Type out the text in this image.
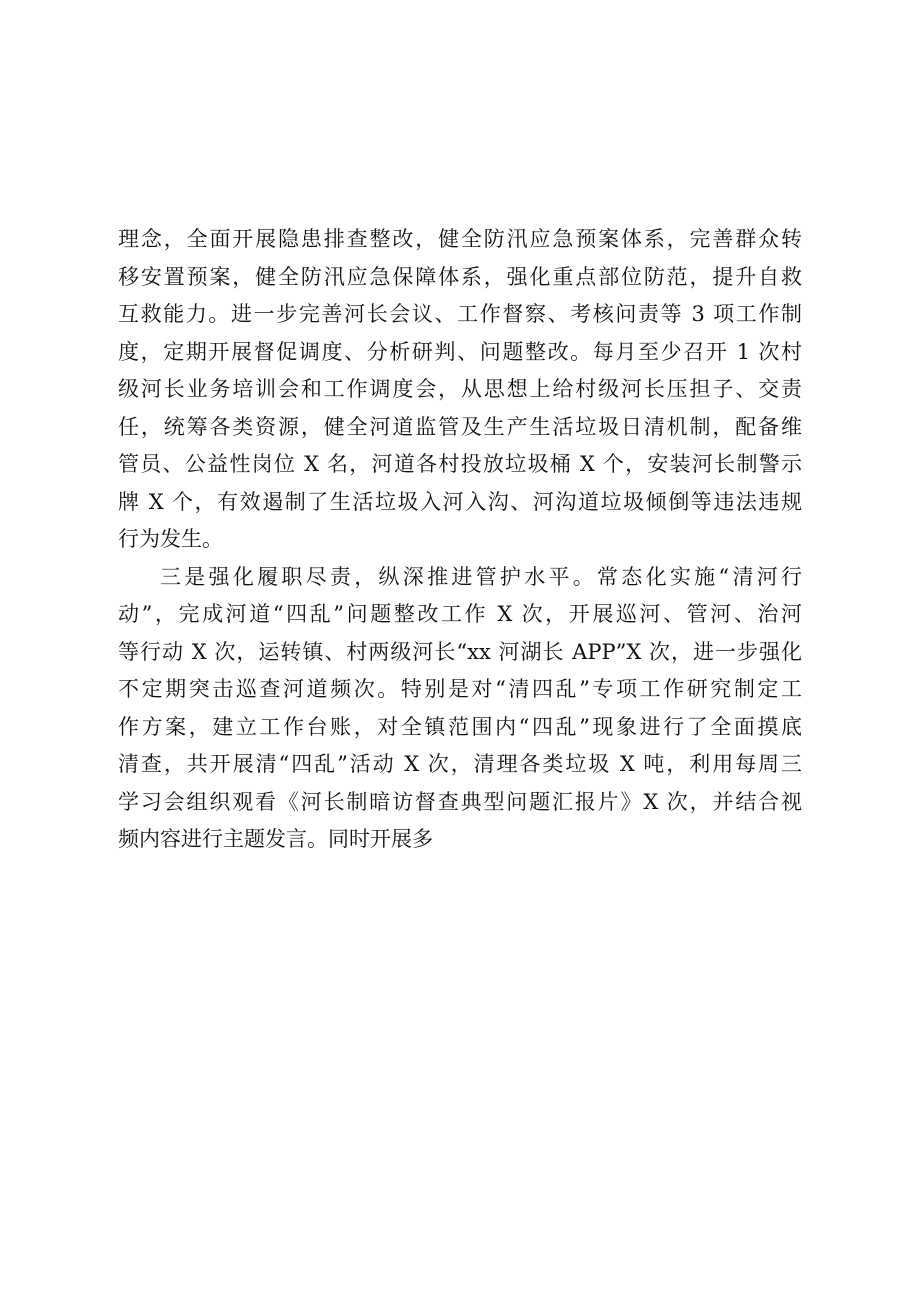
理念，全面开展隐患排查整改，健全防汛应急预案体系，完善群众转
移安置预案，健全防汛应急保障体系，强化重点部位防范，提升自救
互救能力。进一步完善河长会议、工作督察、考核问责等 3 项工作制
度，定期开展督促调度、分析研判、问题整改。每月至少召开 1 次村
级河长业务培训会和工作调度会，从思想上给村级河长压担子、交责
任，统筹各类资源，健全河道监管及生产生活垃圾日清机制，配备维
管员、公益性岗位 X 名，河道各村投放垃圾桶 X 个，安装河长制警示
牌 X 个，有效遏制了生活垃圾入河入沟、河沟道垃圾倾倒等违法违规
行为发生。
三是强化履职尽责，纵深推进管护水平。常态化实施“清河行
动”，完成河道“四乱”问题整改工作 X 次，开展巡河、管河、治河
等行动 X 次，运转镇、村两级河长“xx 河湖长 APP”X 次，进一步强化
不定期突击巡查河道频次。特别是对“清四乱”专项工作研究制定工
作方案，建立工作台账，对全镇范围内“四乱”现象进行了全面摸底
清查，共开展清“四乱”活动 X 次，清理各类垃圾 X 吨，利用每周三
学习会组织观看《河长制暗访督查典型问题汇报片》X 次，并结合视
频内容进行主题发言。同时开展多
